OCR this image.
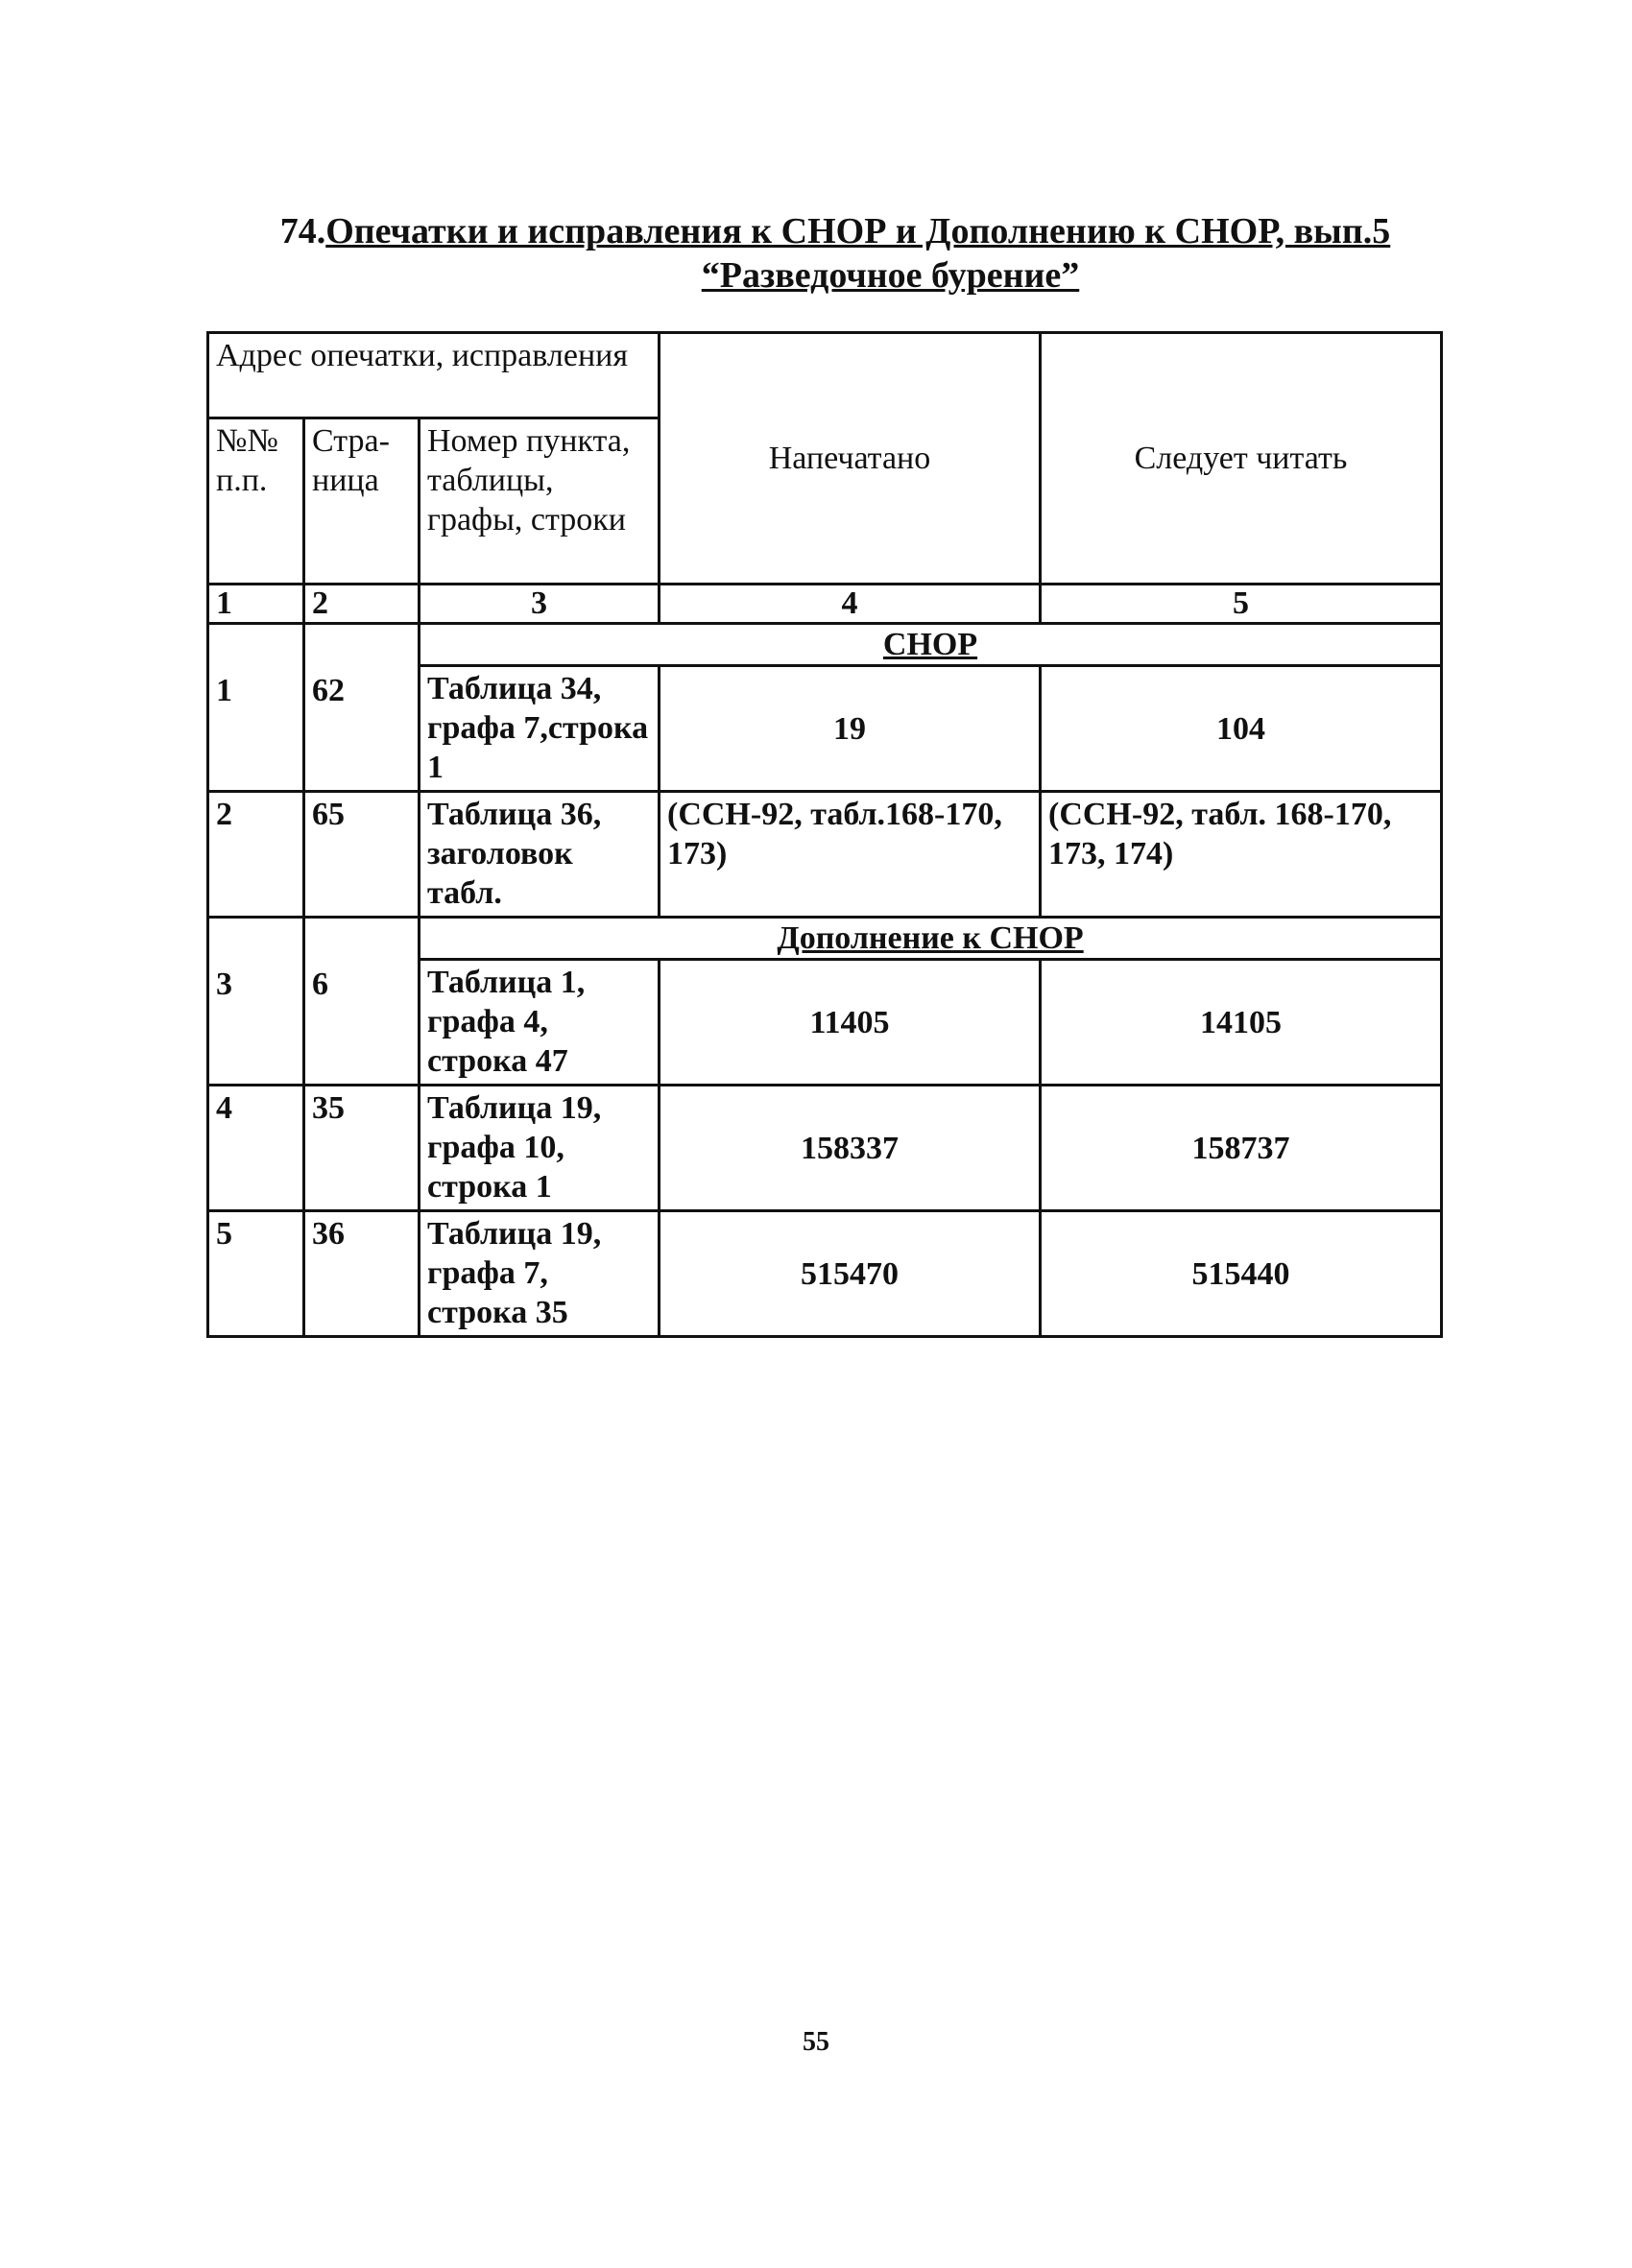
74.Опечатки и исправления к СНОР и Дополнению к СНОР, вып.5
“Разведочное бурение”
Адрес опечатки, исправления			Напечатано	Следует читать
№№ п.п.	Стра-ница	Номер пункта, таблицы, графы, строки		
1	2	3	4	5
1	62	СНОР		
		Таблица 34, графа 7,строка 1	19	104
2	65	Таблица 36, заголовок табл.	(ССН-92, табл.168-170, 173)	(ССН-92, табл. 168-170, 173, 174)
3	6	Дополнение к СНОР		
		Таблица 1, графа 4, строка 47	11405	14105
4	35	Таблица 19, графа 10, строка 1	158337	158737
5	36	Таблица 19, графа 7, строка 35	515470	515440
55
